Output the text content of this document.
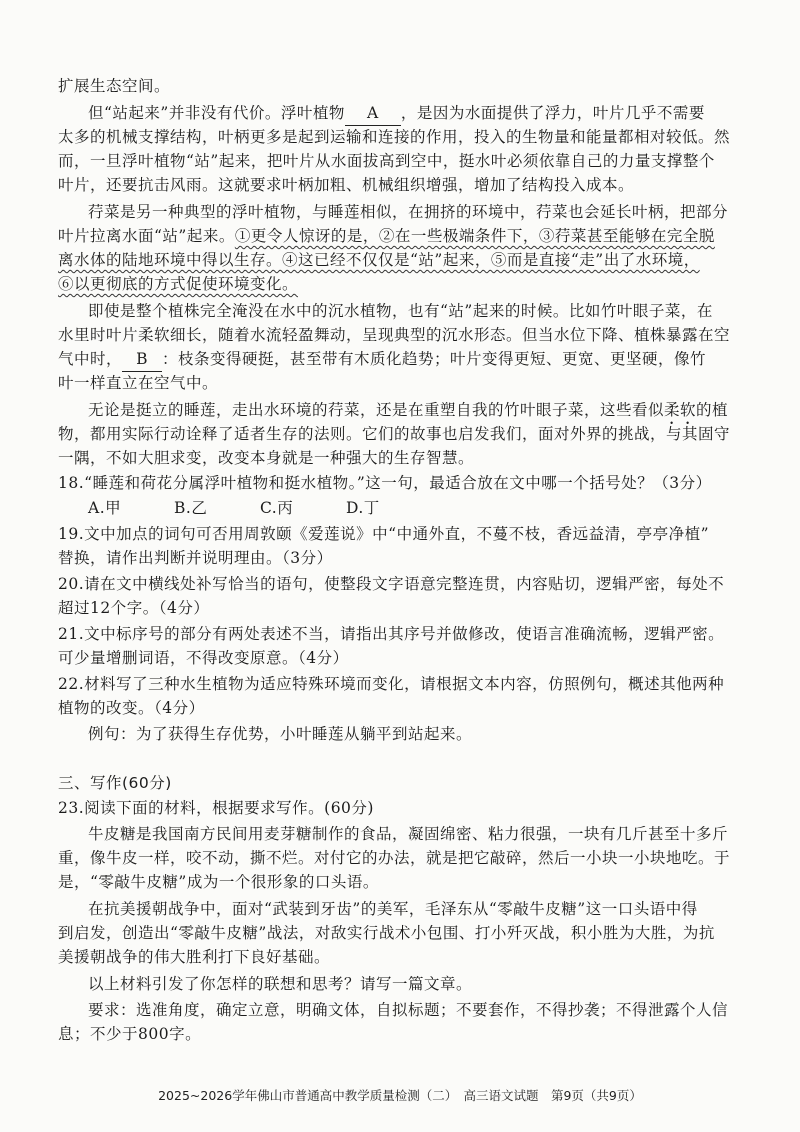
扩展生态空间。
但“站起来”并非没有代价。浮叶植物 A ，是因为水面提供了浮力，叶片几乎不需要
太多的机械支撑结构，叶柄更多是起到运输和连接的作用，投入的生物量和能量都相对较低。然
而，一旦浮叶植物“站”起来，把叶片从水面拔高到空中，挺水叶必须依靠自己的力量支撑整个
叶片，还要抗击风雨。这就要求叶柄加粗、机械组织增强，增加了结构投入成本。
荇菜是另一种典型的浮叶植物，与睡莲相似，在拥挤的环境中，荇菜也会延长叶柄，把部分
叶片拉离水面“站”起来。①更令人惊讶的是，②在一些极端条件下，③荇菜甚至能够在完全脱
离水体的陆地环境中得以生存。④这已经不仅仅是“站”起来，⑤而是直接“走”出了水环境，
⑥以更彻底的方式促使环境变化。
即使是整个植株完全淹没在水中的沉水植物，也有“站”起来的时候。比如竹叶眼子菜，在
水里时叶片柔软细长，随着水流轻盈舞动，呈现典型的沉水形态。但当水位下降、植株暴露在空
气中时， B ：枝条变得硬挺，甚至带有木质化趋势；叶片变得更短、更宽、更坚硬，像竹
叶一样直立在空气中。
无论是挺立的睡莲，走出水环境的荇菜，还是在重塑自我的竹叶眼子菜，这些看似柔软的植
物，都用实际行动诠释了适者生存的法则。它们的故事也启发我们，面对外界的挑战，与其固守
一隅，不如大胆求变，改变本身就是一种强大的生存智慧。
18.“睡莲和荷花分属浮叶植物和挺水植物。”这一句，最适合放在文中哪一个括号处？（3分）
A.甲	B.乙	C.丙	D.丁
19.文中加点的词句可否用周敦颐《爱莲说》中“中通外直，不蔓不枝，香远益清，亭亭净植”
替换，请作出判断并说明理由。（3分）
20.请在文中横线处补写恰当的语句，使整段文字语意完整连贯，内容贴切，逻辑严密，每处不
超过12个字。（4分）
21.文中标序号的部分有两处表述不当，请指出其序号并做修改，使语言准确流畅，逻辑严密。
可少量增删词语，不得改变原意。（4分）
22.材料写了三种水生植物为适应特殊环境而变化，请根据文本内容，仿照例句，概述其他两种
植物的改变。（4分）
例句：为了获得生存优势，小叶睡莲从躺平到站起来。
三、写作(60分)
23.阅读下面的材料，根据要求写作。(60分)
牛皮糖是我国南方民间用麦芽糖制作的食品，凝固绵密、粘力很强，一块有几斤甚至十多斤
重，像牛皮一样，咬不动，撕不烂。对付它的办法，就是把它敲碎，然后一小块一小块地吃。于
是，“零敲牛皮糖”成为一个很形象的口头语。
在抗美援朝战争中，面对“武装到牙齿”的美军，毛泽东从“零敲牛皮糖”这一口头语中得
到启发，创造出“零敲牛皮糖”战法，对敌实行战术小包围、打小歼灭战，积小胜为大胜，为抗
美援朝战争的伟大胜利打下良好基础。
以上材料引发了你怎样的联想和思考？请写一篇文章。
要求：选准角度，确定立意，明确文体，自拟标题；不要套作，不得抄袭；不得泄露个人信
息；不少于800字。
2025~2026学年佛山市普通高中教学质量检测（二）　高三语文试题　第9页（共9页）
